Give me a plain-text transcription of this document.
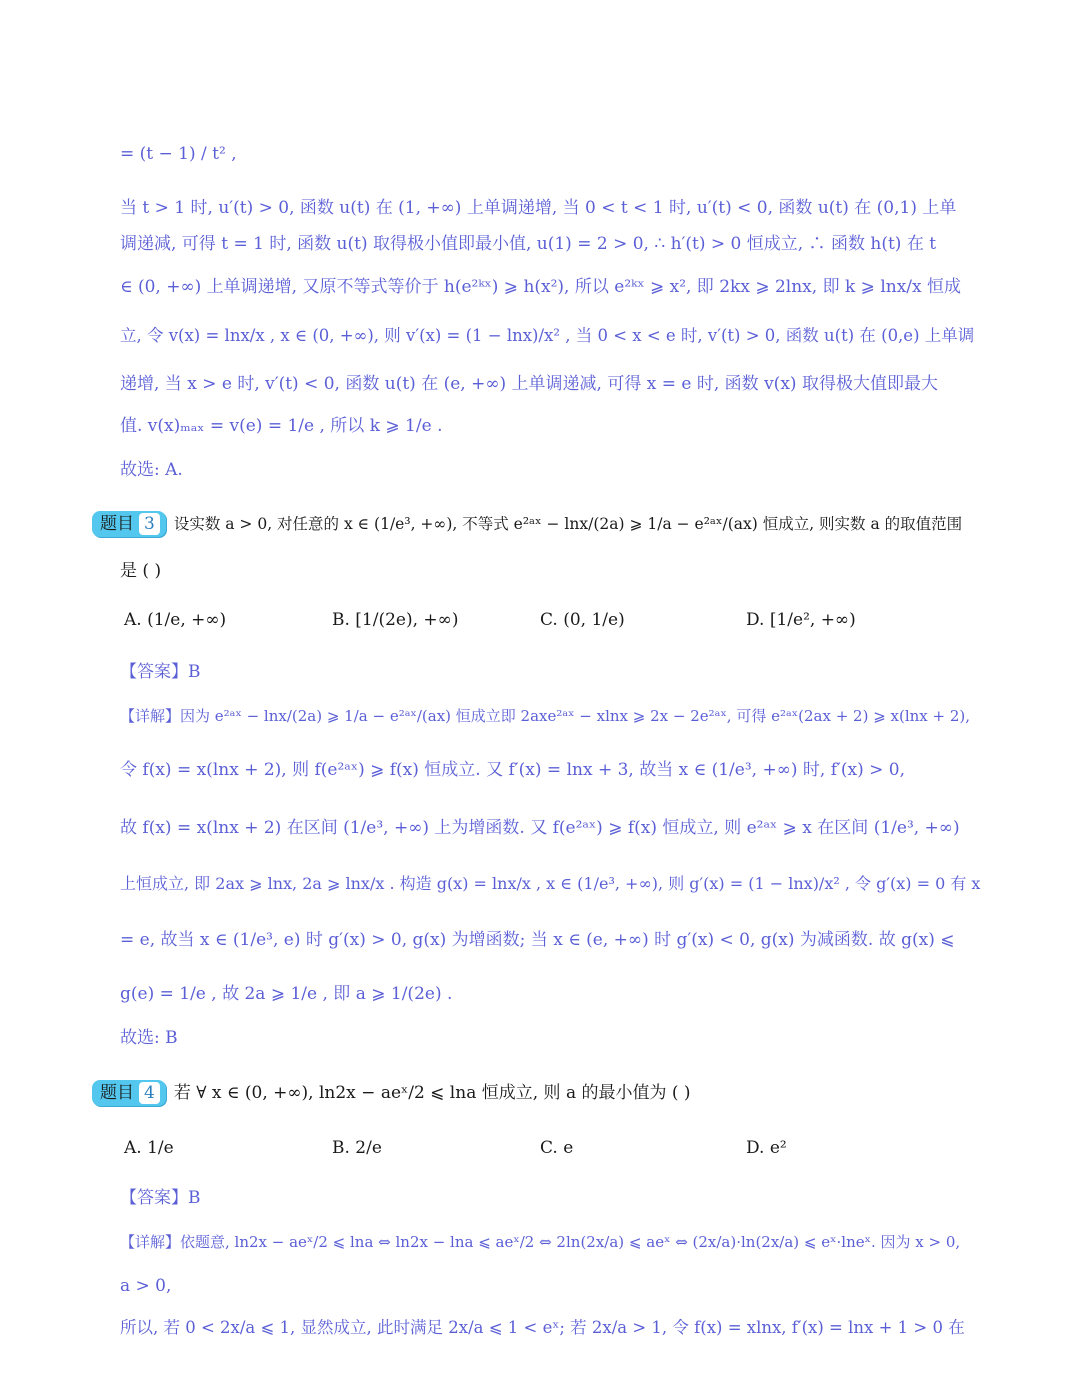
= (t − 1) / t² ,
当 t > 1 时, u′(t) > 0, 函数 u(t) 在 (1, +∞) 上单调递增, 当 0 < t < 1 时, u′(t) < 0, 函数 u(t) 在 (0,1) 上单
调递减, 可得 t = 1 时, 函数 u(t) 取得极小值即最小值, u(1) = 2 > 0, ∴ h′(t) > 0 恒成立, ∴ 函数 h(t) 在 t
∈ (0, +∞) 上单调递增, 又原不等式等价于 h(e²ᵏˣ) ⩾ h(x²), 所以 e²ᵏˣ ⩾ x², 即 2kx ⩾ 2lnx, 即 k ⩾ lnx/x 恒成
立, 令 v(x) = lnx/x , x ∈ (0, +∞), 则 v′(x) = (1 − lnx)/x² , 当 0 < x < e 时, v′(t) > 0, 函数 u(t) 在 (0,e) 上单调
递增, 当 x > e 时, v′(t) < 0, 函数 u(t) 在 (e, +∞) 上单调递减, 可得 x = e 时, 函数 v(x) 取得极大值即最大
值. v(x)ₘₐₓ = v(e) = 1/e , 所以 k ⩾ 1/e .
故选: A.
题目 3 设实数 a > 0, 对任意的 x ∈ (1/e³, +∞), 不等式 e²ᵃˣ − lnx/(2a) ⩾ 1/a − e²ᵃˣ/(ax) 恒成立, 则实数 a 的取值范围
是 ( )
A. (1/e, +∞)	B. [1/(2e), +∞)	C. (0, 1/e)	D. [1/e², +∞)
【答案】B
【详解】因为 e²ᵃˣ − lnx/(2a) ⩾ 1/a − e²ᵃˣ/(ax) 恒成立即 2axe²ᵃˣ − xlnx ⩾ 2x − 2e²ᵃˣ, 可得 e²ᵃˣ(2ax + 2) ⩾ x(lnx + 2),
令 f(x) = x(lnx + 2), 则 f(e²ᵃˣ) ⩾ f(x) 恒成立. 又 f′(x) = lnx + 3, 故当 x ∈ (1/e³, +∞) 时, f′(x) > 0,
故 f(x) = x(lnx + 2) 在区间 (1/e³, +∞) 上为增函数. 又 f(e²ᵃˣ) ⩾ f(x) 恒成立, 则 e²ᵃˣ ⩾ x 在区间 (1/e³, +∞)
上恒成立, 即 2ax ⩾ lnx, 2a ⩾ lnx/x . 构造 g(x) = lnx/x , x ∈ (1/e³, +∞), 则 g′(x) = (1 − lnx)/x² , 令 g′(x) = 0 有 x
= e, 故当 x ∈ (1/e³, e) 时 g′(x) > 0, g(x) 为增函数; 当 x ∈ (e, +∞) 时 g′(x) < 0, g(x) 为减函数. 故 g(x) ⩽
g(e) = 1/e , 故 2a ⩾ 1/e , 即 a ⩾ 1/(2e) .
故选: B
题目 4 若 ∀ x ∈ (0, +∞), ln2x − aeˣ/2 ⩽ lna 恒成立, 则 a 的最小值为 ( )
A. 1/e	B. 2/e	C. e	D. e²
【答案】B
【详解】依题意, ln2x − aeˣ/2 ⩽ lna ⇔ ln2x − lna ⩽ aeˣ/2 ⇔ 2ln(2x/a) ⩽ aeˣ ⇔ (2x/a)·ln(2x/a) ⩽ eˣ·lneˣ. 因为 x > 0,
a > 0,
所以, 若 0 < 2x/a ⩽ 1, 显然成立, 此时满足 2x/a ⩽ 1 < eˣ; 若 2x/a > 1, 令 f(x) = xlnx, f′(x) = lnx + 1 > 0 在
